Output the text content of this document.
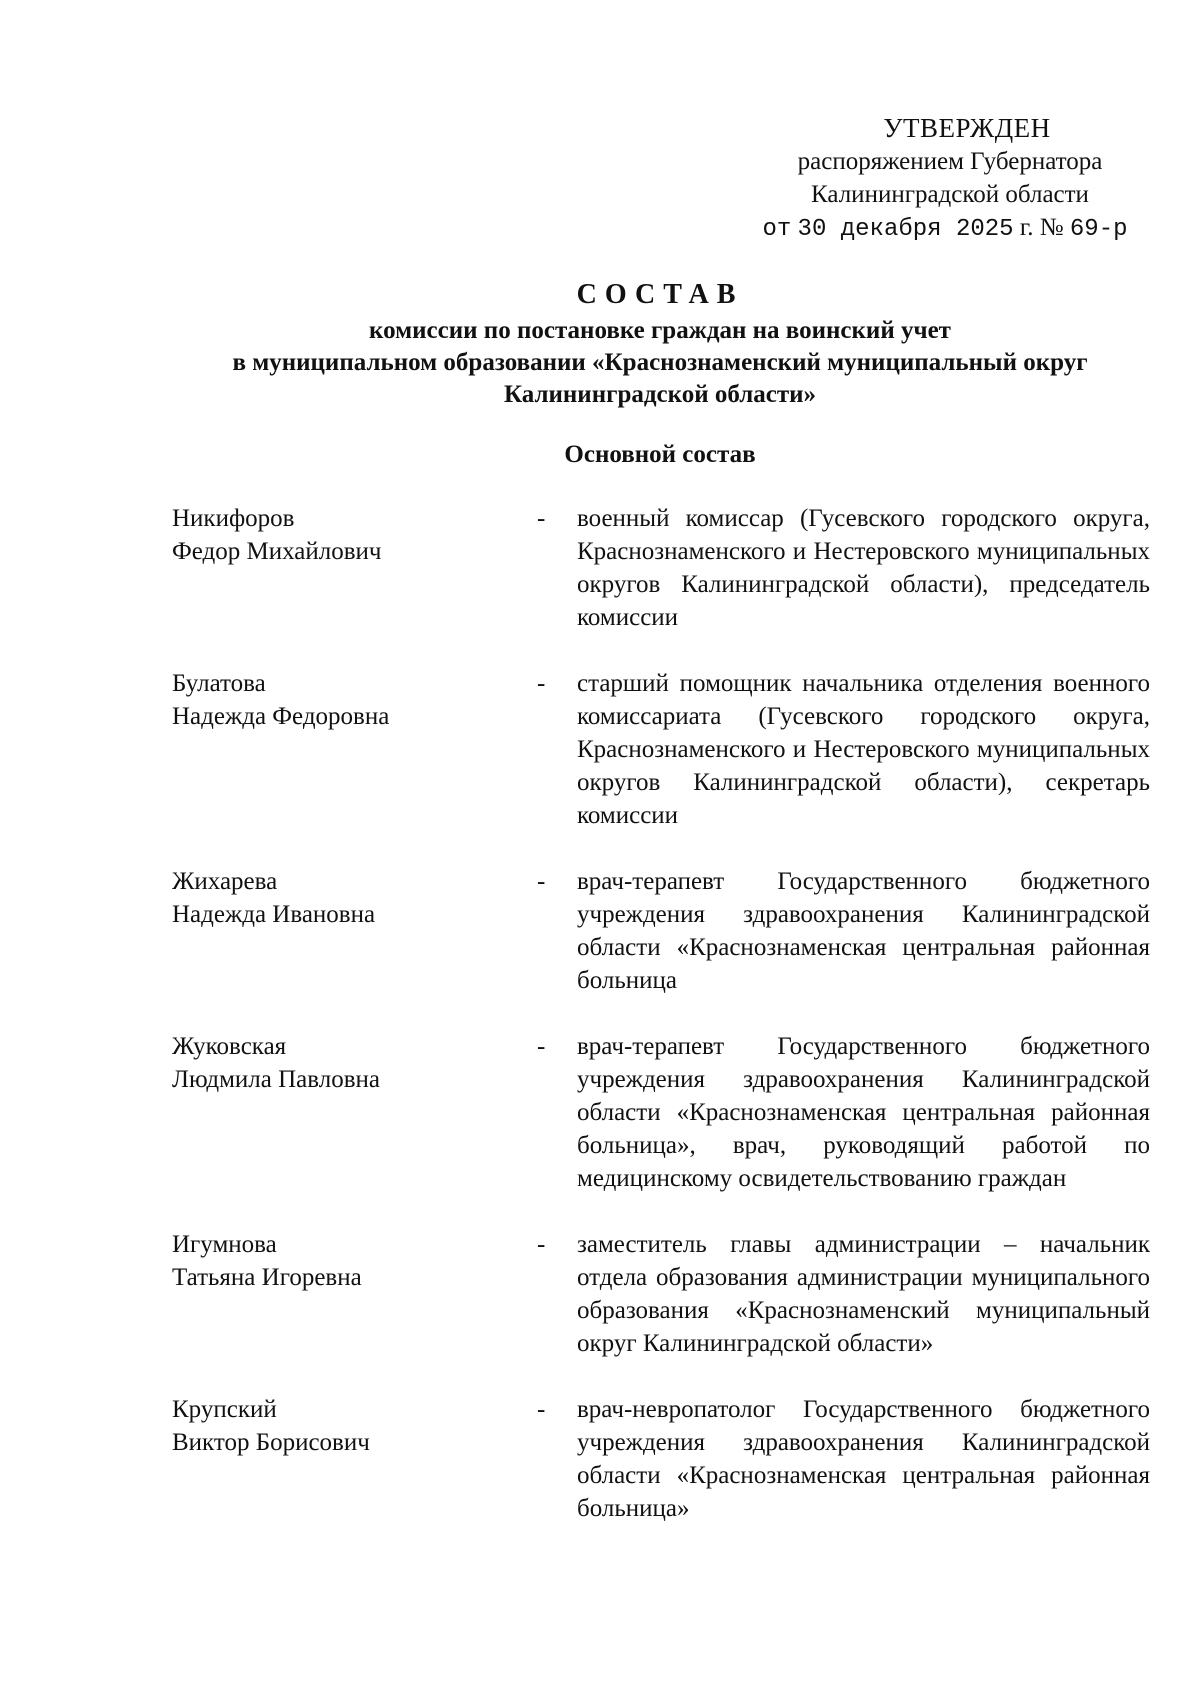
УТВЕРЖДЕН
распоряжением Губернатора
Калининградской области
от 30 декабря 2025 г. № 69-р
СОСТАВ
комиссии по постановке граждан на воинский учет
в муниципальном образовании «Краснознаменский муниципальный округ
Калининградской области»
Основной состав
Никифоров
Федор Михайлович
-	военный комиссар (Гусевского городского округа, Краснознаменского и Нестеровского муниципальных округов Калининградской области), председатель комиссии
Булатова
Надежда Федоровна
-	старший помощник начальника отделения военного комиссариата (Гусевского городского округа, Краснознаменского и Нестеровского муниципальных округов Калининградской области), секретарь комиссии
Жихарева
Надежда Ивановна
-	врач-терапевт Государственного бюджетного учреждения здравоохранения Калининградской области «Краснознаменская центральная районная больница
Жуковская
Людмила Павловна
-	врач-терапевт Государственного бюджетного учреждения здравоохранения Калининградской области «Краснознаменская центральная районная больница», врач, руководящий работой по медицинскому освидетельствованию граждан
Игумнова
Татьяна Игоревна
-	заместитель главы администрации – начальник отдела образования администрации муниципального образования «Краснознаменский муниципальный округ Калининградской области»
Крупский
Виктор Борисович
-	врач-невропатолог Государственного бюджетного учреждения здравоохранения Калининградской области «Краснознаменская центральная районная больница»
